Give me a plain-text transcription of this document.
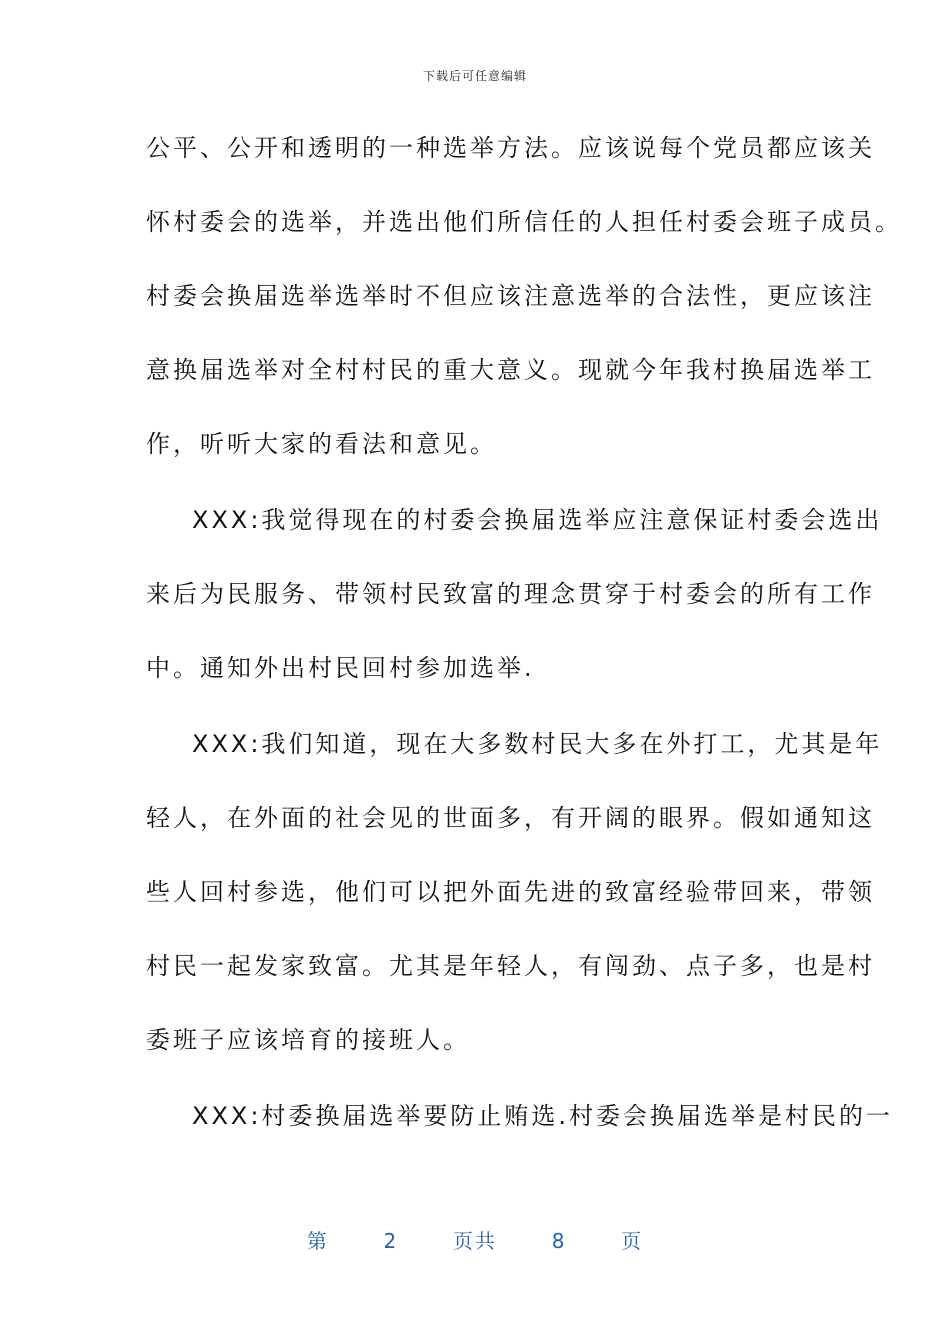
下载后可任意编辑
公平、公开和透明的一种选举方法。应该说每个党员都应该关
怀村委会的选举，并选出他们所信任的人担任村委会班子成员。
村委会换届选举选举时不但应该注意选举的合法性，更应该注
意换届选举对全村村民的重大意义。现就今年我村换届选举工
作，听听大家的看法和意见。
XXX:我觉得现在的村委会换届选举应注意保证村委会选出
来后为民服务、带领村民致富的理念贯穿于村委会的所有工作
中。通知外出村民回村参加选举.
XXX:我们知道，现在大多数村民大多在外打工，尤其是年
轻人，在外面的社会见的世面多，有开阔的眼界。假如通知这
些人回村参选，他们可以把外面先进的致富经验带回来，带领
村民一起发家致富。尤其是年轻人，有闯劲、点子多，也是村
委班子应该培育的接班人。
XXX:村委换届选举要防止贿选.村委会换届选举是村民的一
第	2	页共	8	页
